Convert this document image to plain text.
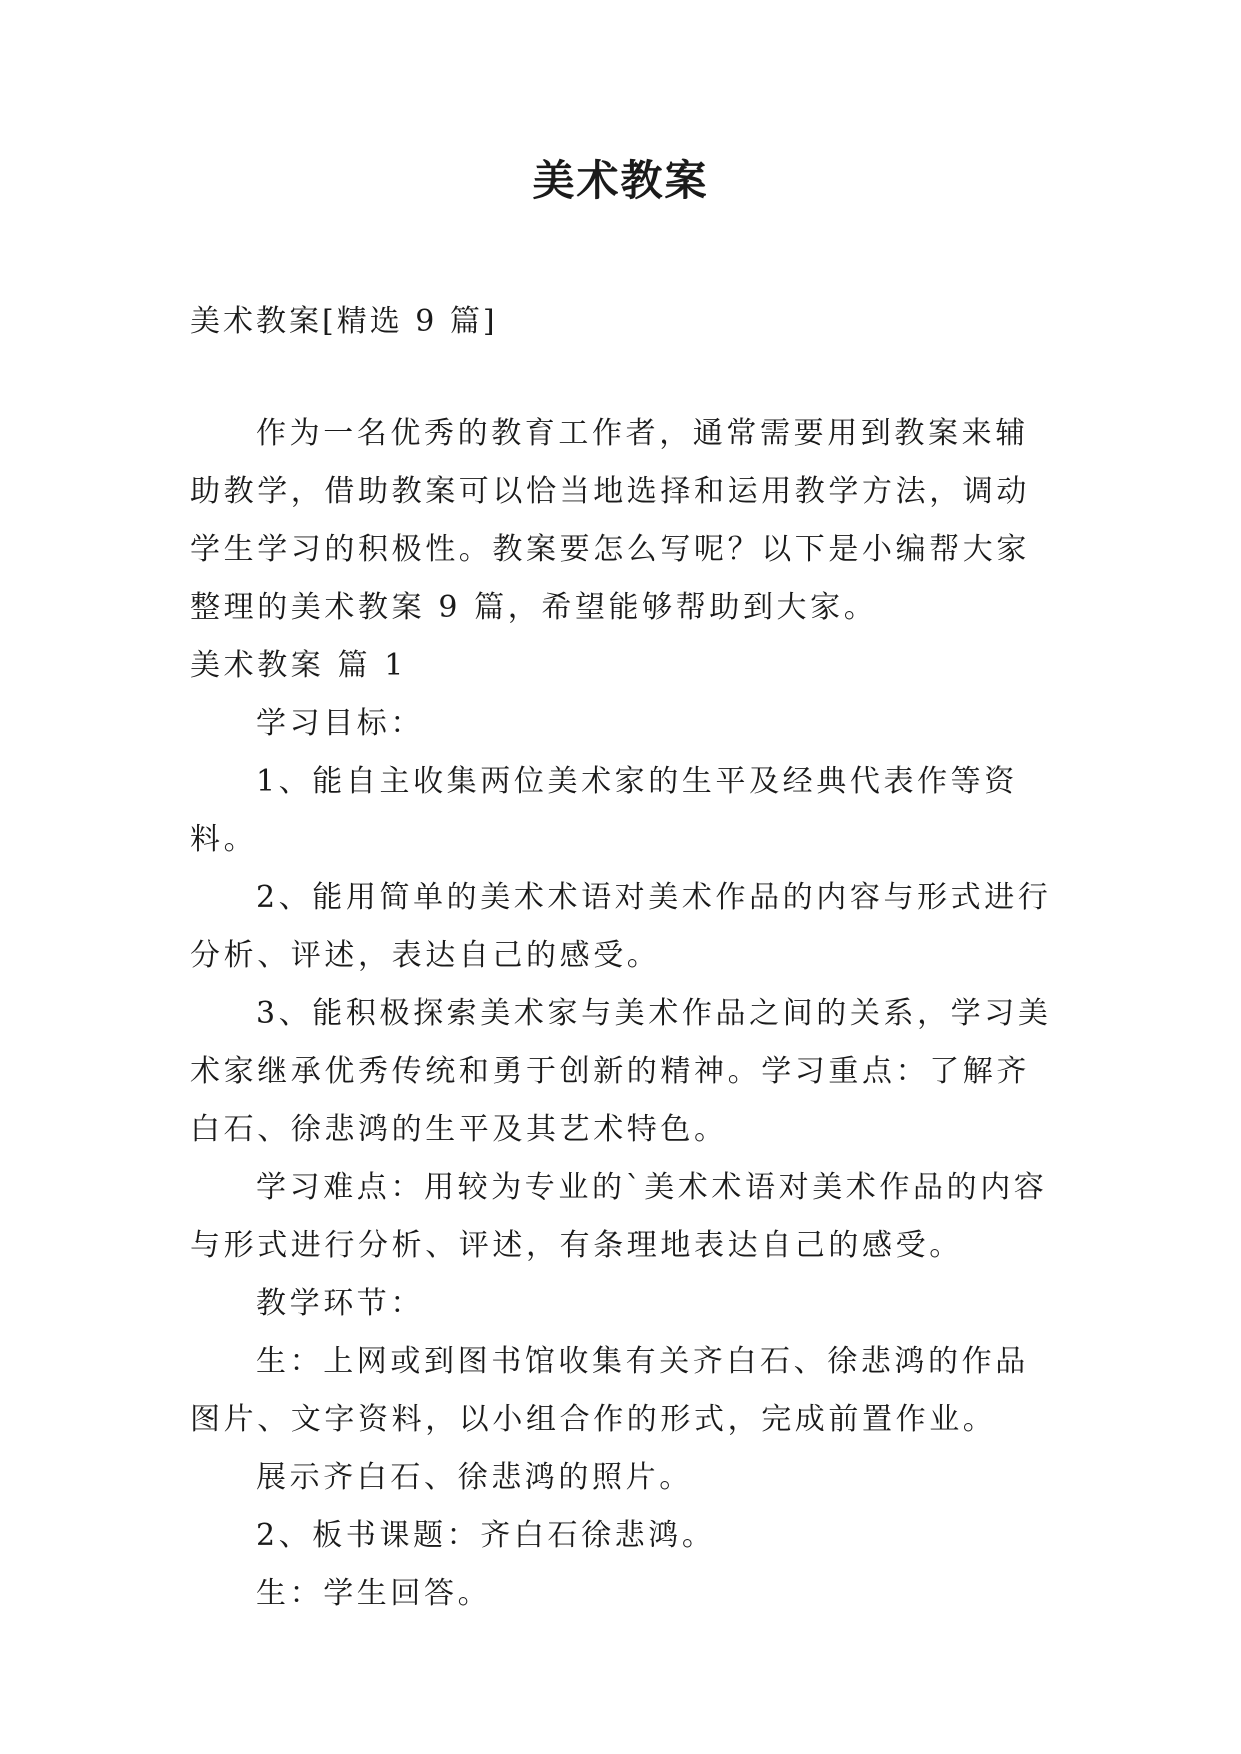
美术教案
美术教案[精选 9 篇]

作为一名优秀的教育工作者，通常需要用到教案来辅助教学，借助教案可以恰当地选择和运用教学方法，调动学生学习的积极性。教案要怎么写呢？以下是小编帮大家整理的美术教案 9 篇，希望能够帮助到大家。

美术教案 篇 1

学习目标：

1、能自主收集两位美术家的生平及经典代表作等资料。

2、能用简单的美术术语对美术作品的内容与形式进行分析、评述，表达自己的感受。

3、能积极探索美术家与美术作品之间的关系，学习美术家继承优秀传统和勇于创新的精神。学习重点：了解齐白石、徐悲鸿的生平及其艺术特色。

学习难点：用较为专业的`美术术语对美术作品的内容与形式进行分析、评述，有条理地表达自己的感受。

教学环节：

生：上网或到图书馆收集有关齐白石、徐悲鸿的作品图片、文字资料，以小组合作的形式，完成前置作业。

展示齐白石、徐悲鸿的照片。

2、板书课题：齐白石徐悲鸿。

生：学生回答。
